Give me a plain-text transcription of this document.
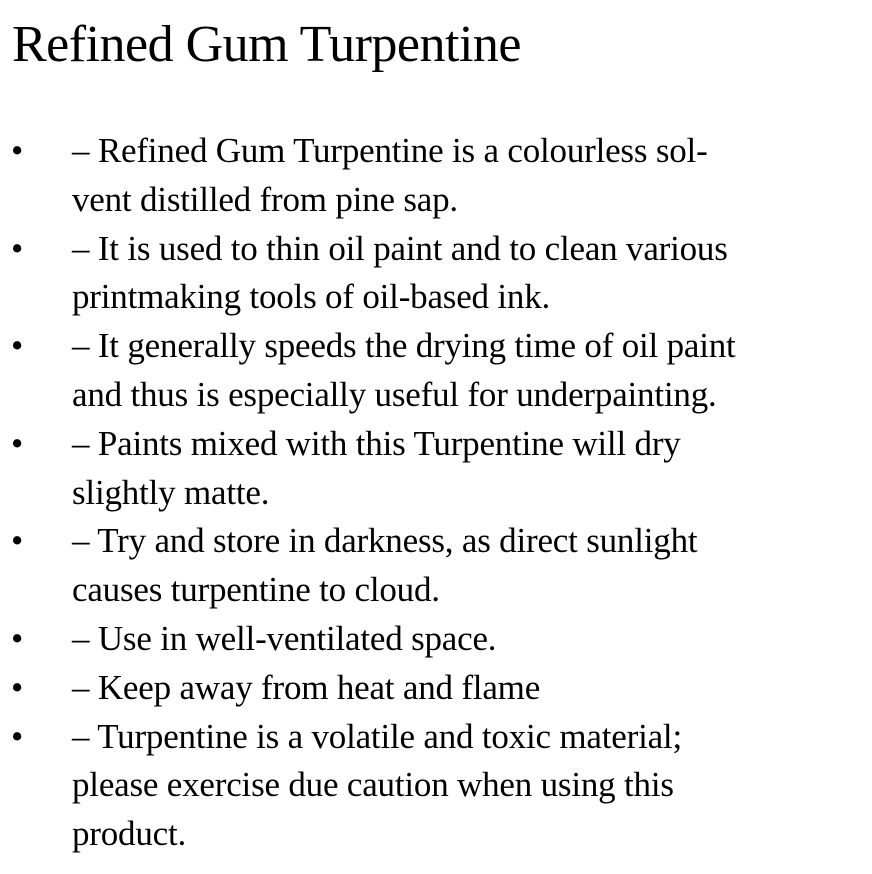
Refined Gum Turpentine
• – Refined Gum Turpentine is a colourless sol-
vent distilled from pine sap.
• – It is used to thin oil paint and to clean various
printmaking tools of oil-based ink.
• – It generally speeds the drying time of oil paint
and thus is especially useful for underpainting.
• – Paints mixed with this Turpentine will dry
slightly matte.
• – Try and store in darkness, as direct sunlight
causes turpentine to cloud.
• – Use in well-ventilated space.
• – Keep away from heat and flame
• – Turpentine is a volatile and toxic material;
please exercise due caution when using this
product.
